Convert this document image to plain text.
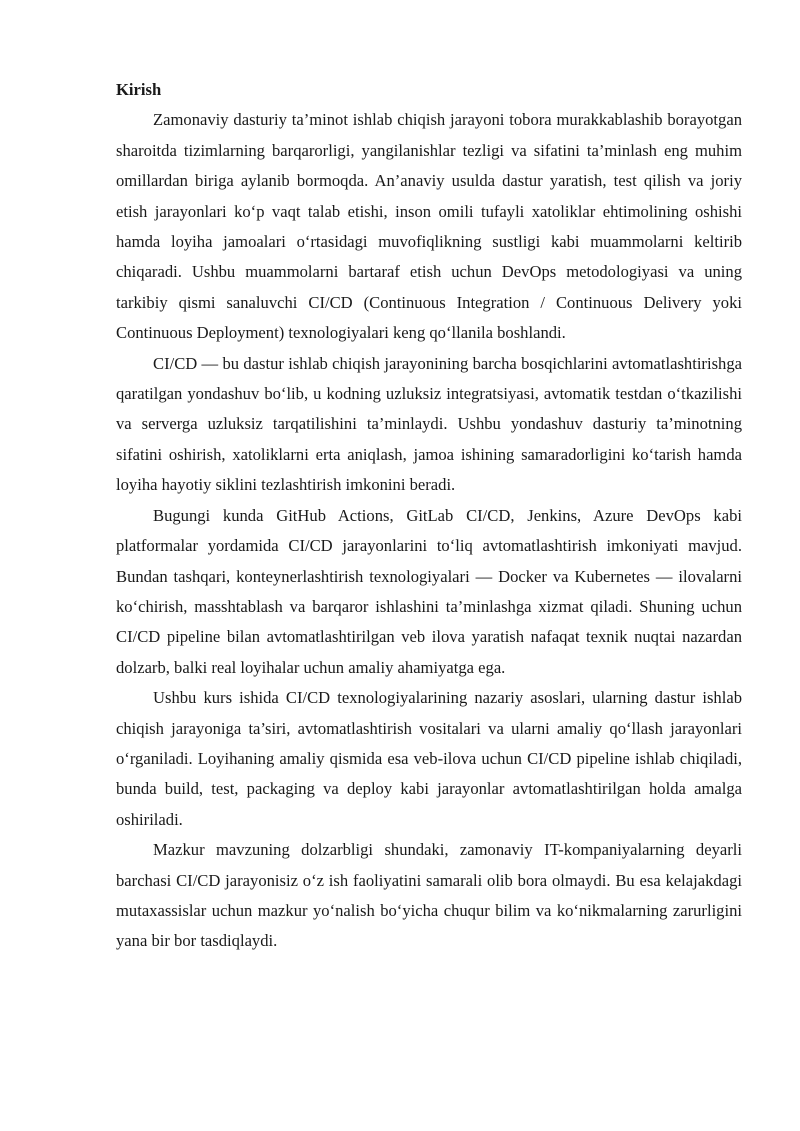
Kirish

Zamonaviy dasturiy ta’minot ishlab chiqish jarayoni tobora murakkablashib borayotgan sharoitda tizimlarning barqarorligi, yangilanishlar tezligi va sifatini ta’minlash eng muhim omillardan biriga aylanib bormoqda. An’anaviy usulda dastur yaratish, test qilish va joriy etish jarayonlari ko‘p vaqt talab etishi, inson omili tufayli xatoliklar ehtimolining oshishi hamda loyiha jamoalari o‘rtasidagi muvofiqlikning sustligi kabi muammolarni keltirib chiqaradi. Ushbu muammolarni bartaraf etish uchun DevOps metodologiyasi va uning tarkibiy qismi sanaluvchi CI/CD (Continuous Integration / Continuous Delivery yoki Continuous Deployment) texnologiyalari keng qo‘llanila boshlandi.

CI/CD — bu dastur ishlab chiqish jarayonining barcha bosqichlarini avtomatlashtirishga qaratilgan yondashuv bo‘lib, u kodning uzluksiz integratsiyasi, avtomatik testdan o‘tkazilishi va serverga uzluksiz tarqatilishini ta’minlaydi. Ushbu yondashuv dasturiy ta’minotning sifatini oshirish, xatoliklarni erta aniqlash, jamoa ishining samaradorligini ko‘tarish hamda loyiha hayotiy siklini tezlashtirish imkonini beradi.

Bugungi kunda GitHub Actions, GitLab CI/CD, Jenkins, Azure DevOps kabi platformalar yordamida CI/CD jarayonlarini to‘liq avtomatlashtirish imkoniyati mavjud. Bundan tashqari, konteynerlashtirish texnologiyalari — Docker va Kubernetes — ilovalarni ko‘chirish, masshtablash va barqaror ishlashini ta’minlashga xizmat qiladi. Shuning uchun CI/CD pipeline bilan avtomatlashtirilgan veb ilova yaratish nafaqat texnik nuqtai nazardan dolzarb, balki real loyihalar uchun amaliy ahamiyatga ega.

Ushbu kurs ishida CI/CD texnologiyalarining nazariy asoslari, ularning dastur ishlab chiqish jarayoniga ta’siri, avtomatlashtirish vositalari va ularni amaliy qo‘llash jarayonlari o‘rganiladi. Loyihaning amaliy qismida esa veb-ilova uchun CI/CD pipeline ishlab chiqiladi, bunda build, test, packaging va deploy kabi jarayonlar avtomatlashtirilgan holda amalga oshiriladi.

Mazkur mavzuning dolzarbligi shundaki, zamonaviy IT-kompaniyalarning deyarli barchasi CI/CD jarayonisiz o‘z ish faoliyatini samarali olib bora olmaydi. Bu esa kelajakdagi mutaxassislar uchun mazkur yo‘nalish bo‘yicha chuqur bilim va ko‘nikmalarning zarurligini yana bir bor tasdiqlaydi.
